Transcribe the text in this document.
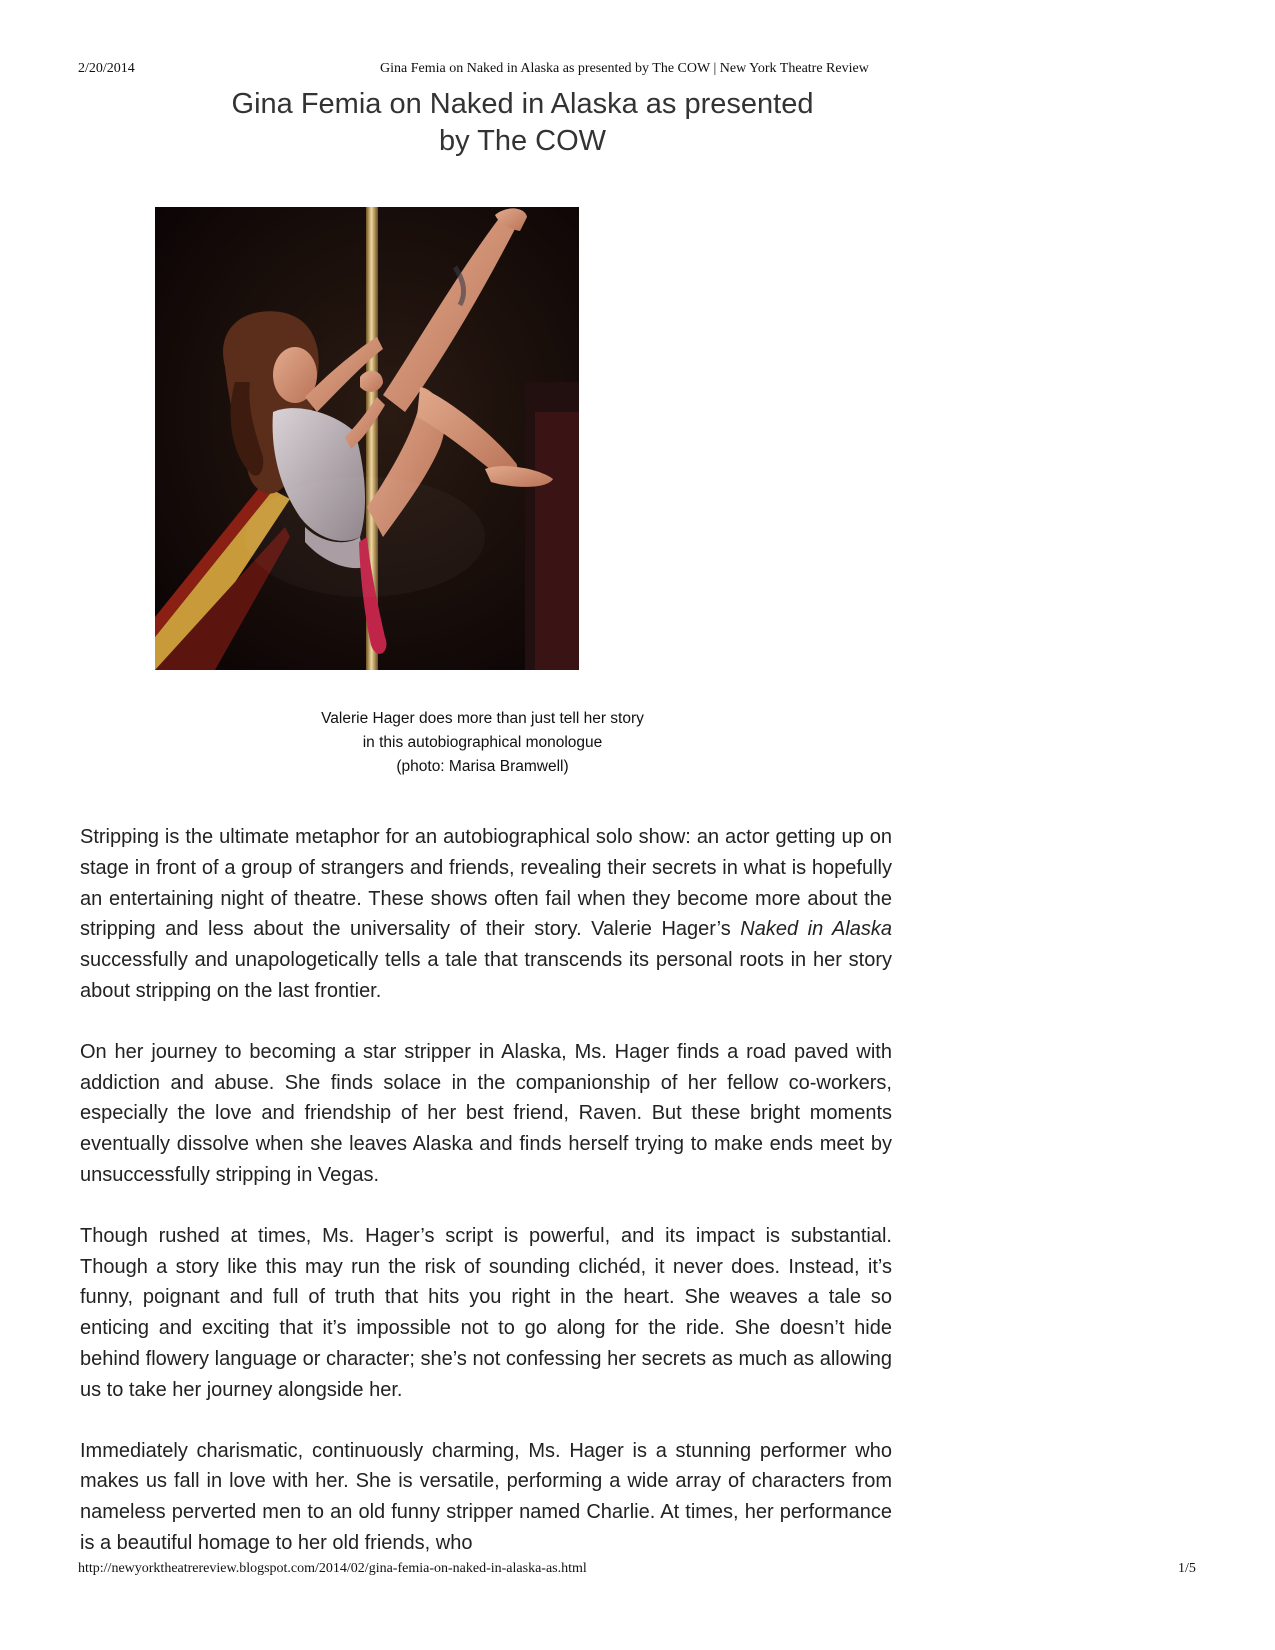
2/20/2014	Gina Femia on Naked in Alaska as presented by The COW | New York Theatre Review
Gina Femia on Naked in Alaska as presented
by The COW
Valerie Hager does more than just tell her story
in this autobiographical monologue
(photo: Marisa Bramwell)

Stripping is the ultimate metaphor for an autobiographical solo show: an actor getting up on stage in front of a group of strangers and friends, revealing their secrets in what is hopefully an entertaining night of theatre. These shows often fail when they become more about the stripping and less about the universality of their story. Valerie Hager’s Naked in Alaska successfully and unapologetically tells a tale that transcends its personal roots in her story about stripping on the last frontier.

On her journey to becoming a star stripper in Alaska, Ms. Hager finds a road paved with addiction and abuse. She finds solace in the companionship of her fellow co-workers, especially the love and friendship of her best friend, Raven. But these bright moments eventually dissolve when she leaves Alaska and finds herself trying to make ends meet by unsuccessfully stripping in Vegas.

Though rushed at times, Ms. Hager’s script is powerful, and its impact is substantial. Though a story like this may run the risk of sounding clichéd, it never does. Instead, it’s funny, poignant and full of truth that hits you right in the heart. She weaves a tale so enticing and exciting that it’s impossible not to go along for the ride. She doesn’t hide behind flowery language or character; she’s not confessing her secrets as much as allowing us to take her journey alongside her.

Immediately charismatic, continuously charming, Ms. Hager is a stunning performer who makes us fall in love with her. She is versatile, performing a wide array of characters from nameless perverted men to an old funny stripper named Charlie. At times, her performance is a beautiful homage to her old friends, who

http://newyorktheatrereview.blogspot.com/2014/02/gina-femia-on-naked-in-alaska-as.html	1/5
